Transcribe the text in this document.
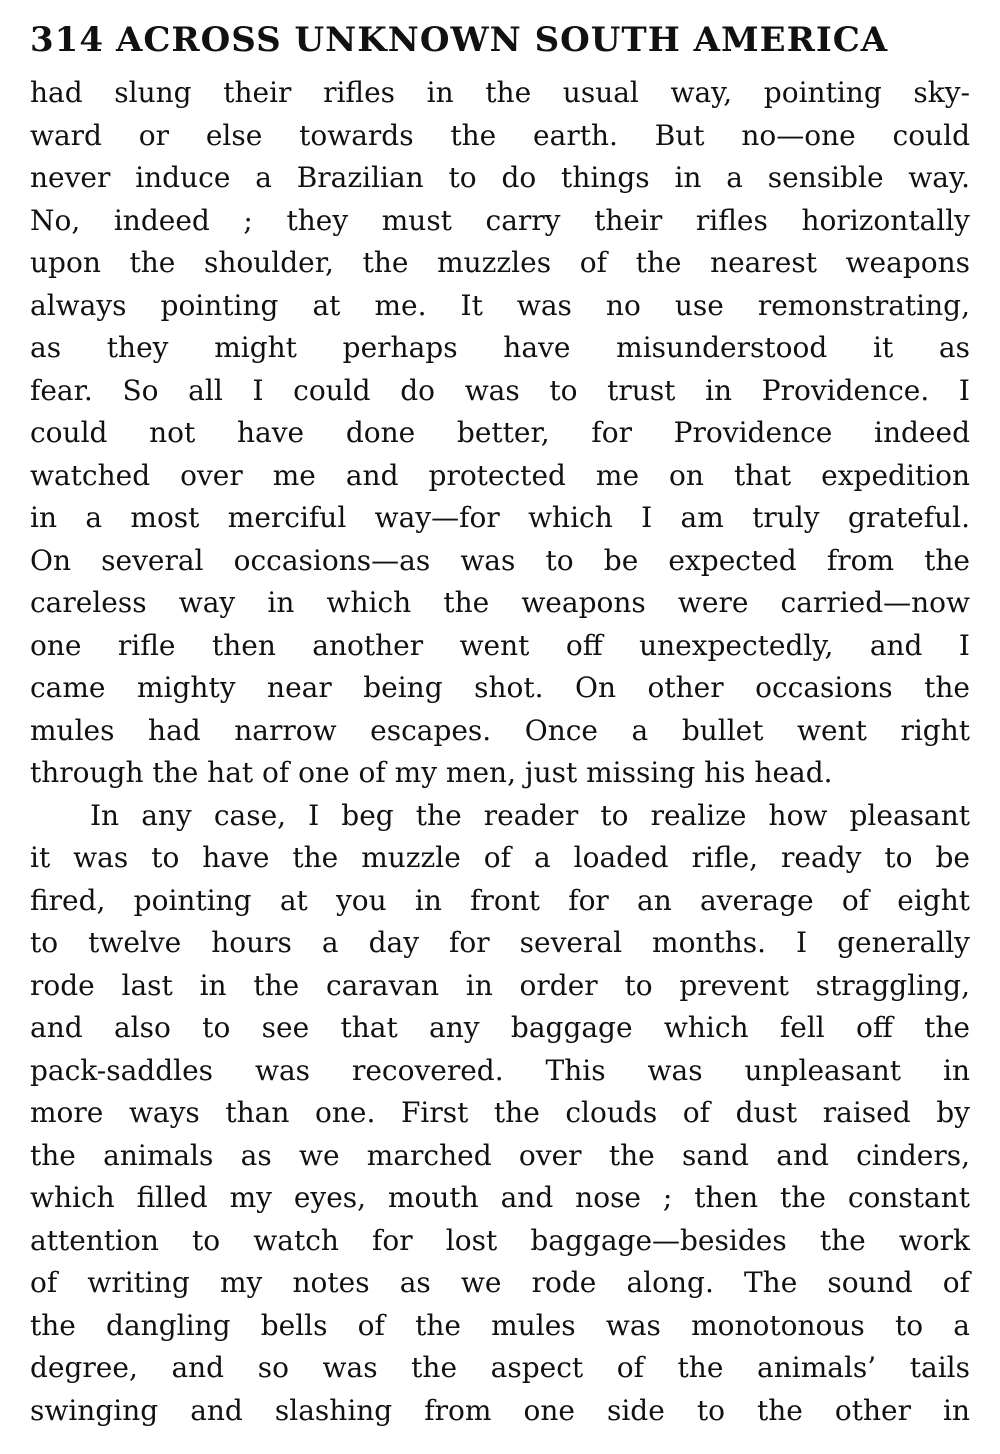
314 ACROSS UNKNOWN SOUTH AMERICA
had slung their rifles in the usual way, pointing sky-
ward or else towards the earth. But no—one could
never induce a Brazilian to do things in a sensible way.
No, indeed ; they must carry their rifles horizontally
upon the shoulder, the muzzles of the nearest weapons
always pointing at me. It was no use remonstrating,
as they might perhaps have misunderstood it as
fear. So all I could do was to trust in Providence. I
could not have done better, for Providence indeed
watched over me and protected me on that expedition
in a most merciful way—for which I am truly grateful.
On several occasions—as was to be expected from the
careless way in which the weapons were carried—now
one rifle then another went off unexpectedly, and I
came mighty near being shot. On other occasions the
mules had narrow escapes. Once a bullet went right
through the hat of one of my men, just missing his head.
In any case, I beg the reader to realize how pleasant
it was to have the muzzle of a loaded rifle, ready to be
fired, pointing at you in front for an average of eight
to twelve hours a day for several months. I generally
rode last in the caravan in order to prevent straggling,
and also to see that any baggage which fell off the
pack-saddles was recovered. This was unpleasant in
more ways than one. First the clouds of dust raised by
the animals as we marched over the sand and cinders,
which filled my eyes, mouth and nose ; then the constant
attention to watch for lost baggage—besides the work
of writing my notes as we rode along. The sound of
the dangling bells of the mules was monotonous to a
degree, and so was the aspect of the animals’ tails
swinging and slashing from one side to the other in
